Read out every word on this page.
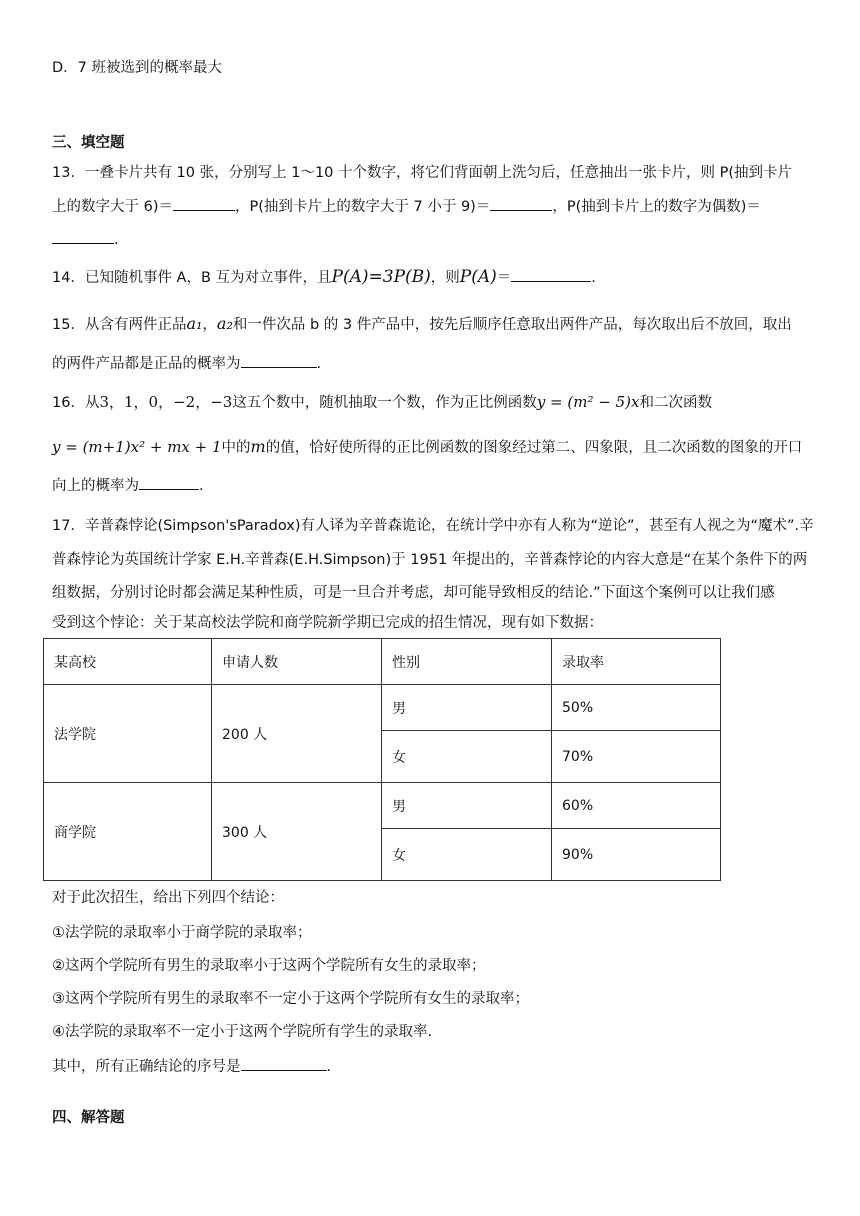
D．7 班被选到的概率最大
三、填空题
13．一叠卡片共有 10 张，分别写上 1～10 十个数字，将它们背面朝上洗匀后，任意抽出一张卡片，则 P(抽到卡片
上的数字大于 6)＝	，P(抽到卡片上的数字大于 7 小于 9)＝	，P(抽到卡片上的数字为偶数)＝
.
14．已知随机事件 A，B 互为对立事件，且P(A)=3P(B)，则P(A)＝	.
15．从含有两件正品a₁，a₂和一件次品 b 的 3 件产品中，按先后顺序任意取出两件产品，每次取出后不放回，取出
的两件产品都是正品的概率为	.
16．从3，1，0，−2，−3这五个数中，随机抽取一个数，作为正比例函数y = (m² − 5)x和二次函数
y = (m+1)x² + mx + 1中的m的值，恰好使所得的正比例函数的图象经过第二、四象限，且二次函数的图象的开口
向上的概率为	.
17．辛普森悖论(Simpson'sParadox)有人译为辛普森诡论，在统计学中亦有人称为“逆论”，甚至有人视之为“魔术”.辛
普森悖论为英国统计学家 E.H.辛普森(E.H.Simpson)于 1951 年提出的，辛普森悖论的内容大意是“在某个条件下的两
组数据，分别讨论时都会满足某种性质，可是一旦合并考虑，却可能导致相反的结论.”下面这个案例可以让我们感
受到这个悖论：关于某高校法学院和商学院新学期已完成的招生情况，现有如下数据：
某高校	申请人数	性别	录取率
法学院	200 人	男	50%
		女	70%
商学院	300 人	男	60%
		女	90%
对于此次招生，给出下列四个结论：
①法学院的录取率小于商学院的录取率；
②这两个学院所有男生的录取率小于这两个学院所有女生的录取率；
③这两个学院所有男生的录取率不一定小于这两个学院所有女生的录取率；
④法学院的录取率不一定小于这两个学院所有学生的录取率.
其中，所有正确结论的序号是	.
四、解答题
